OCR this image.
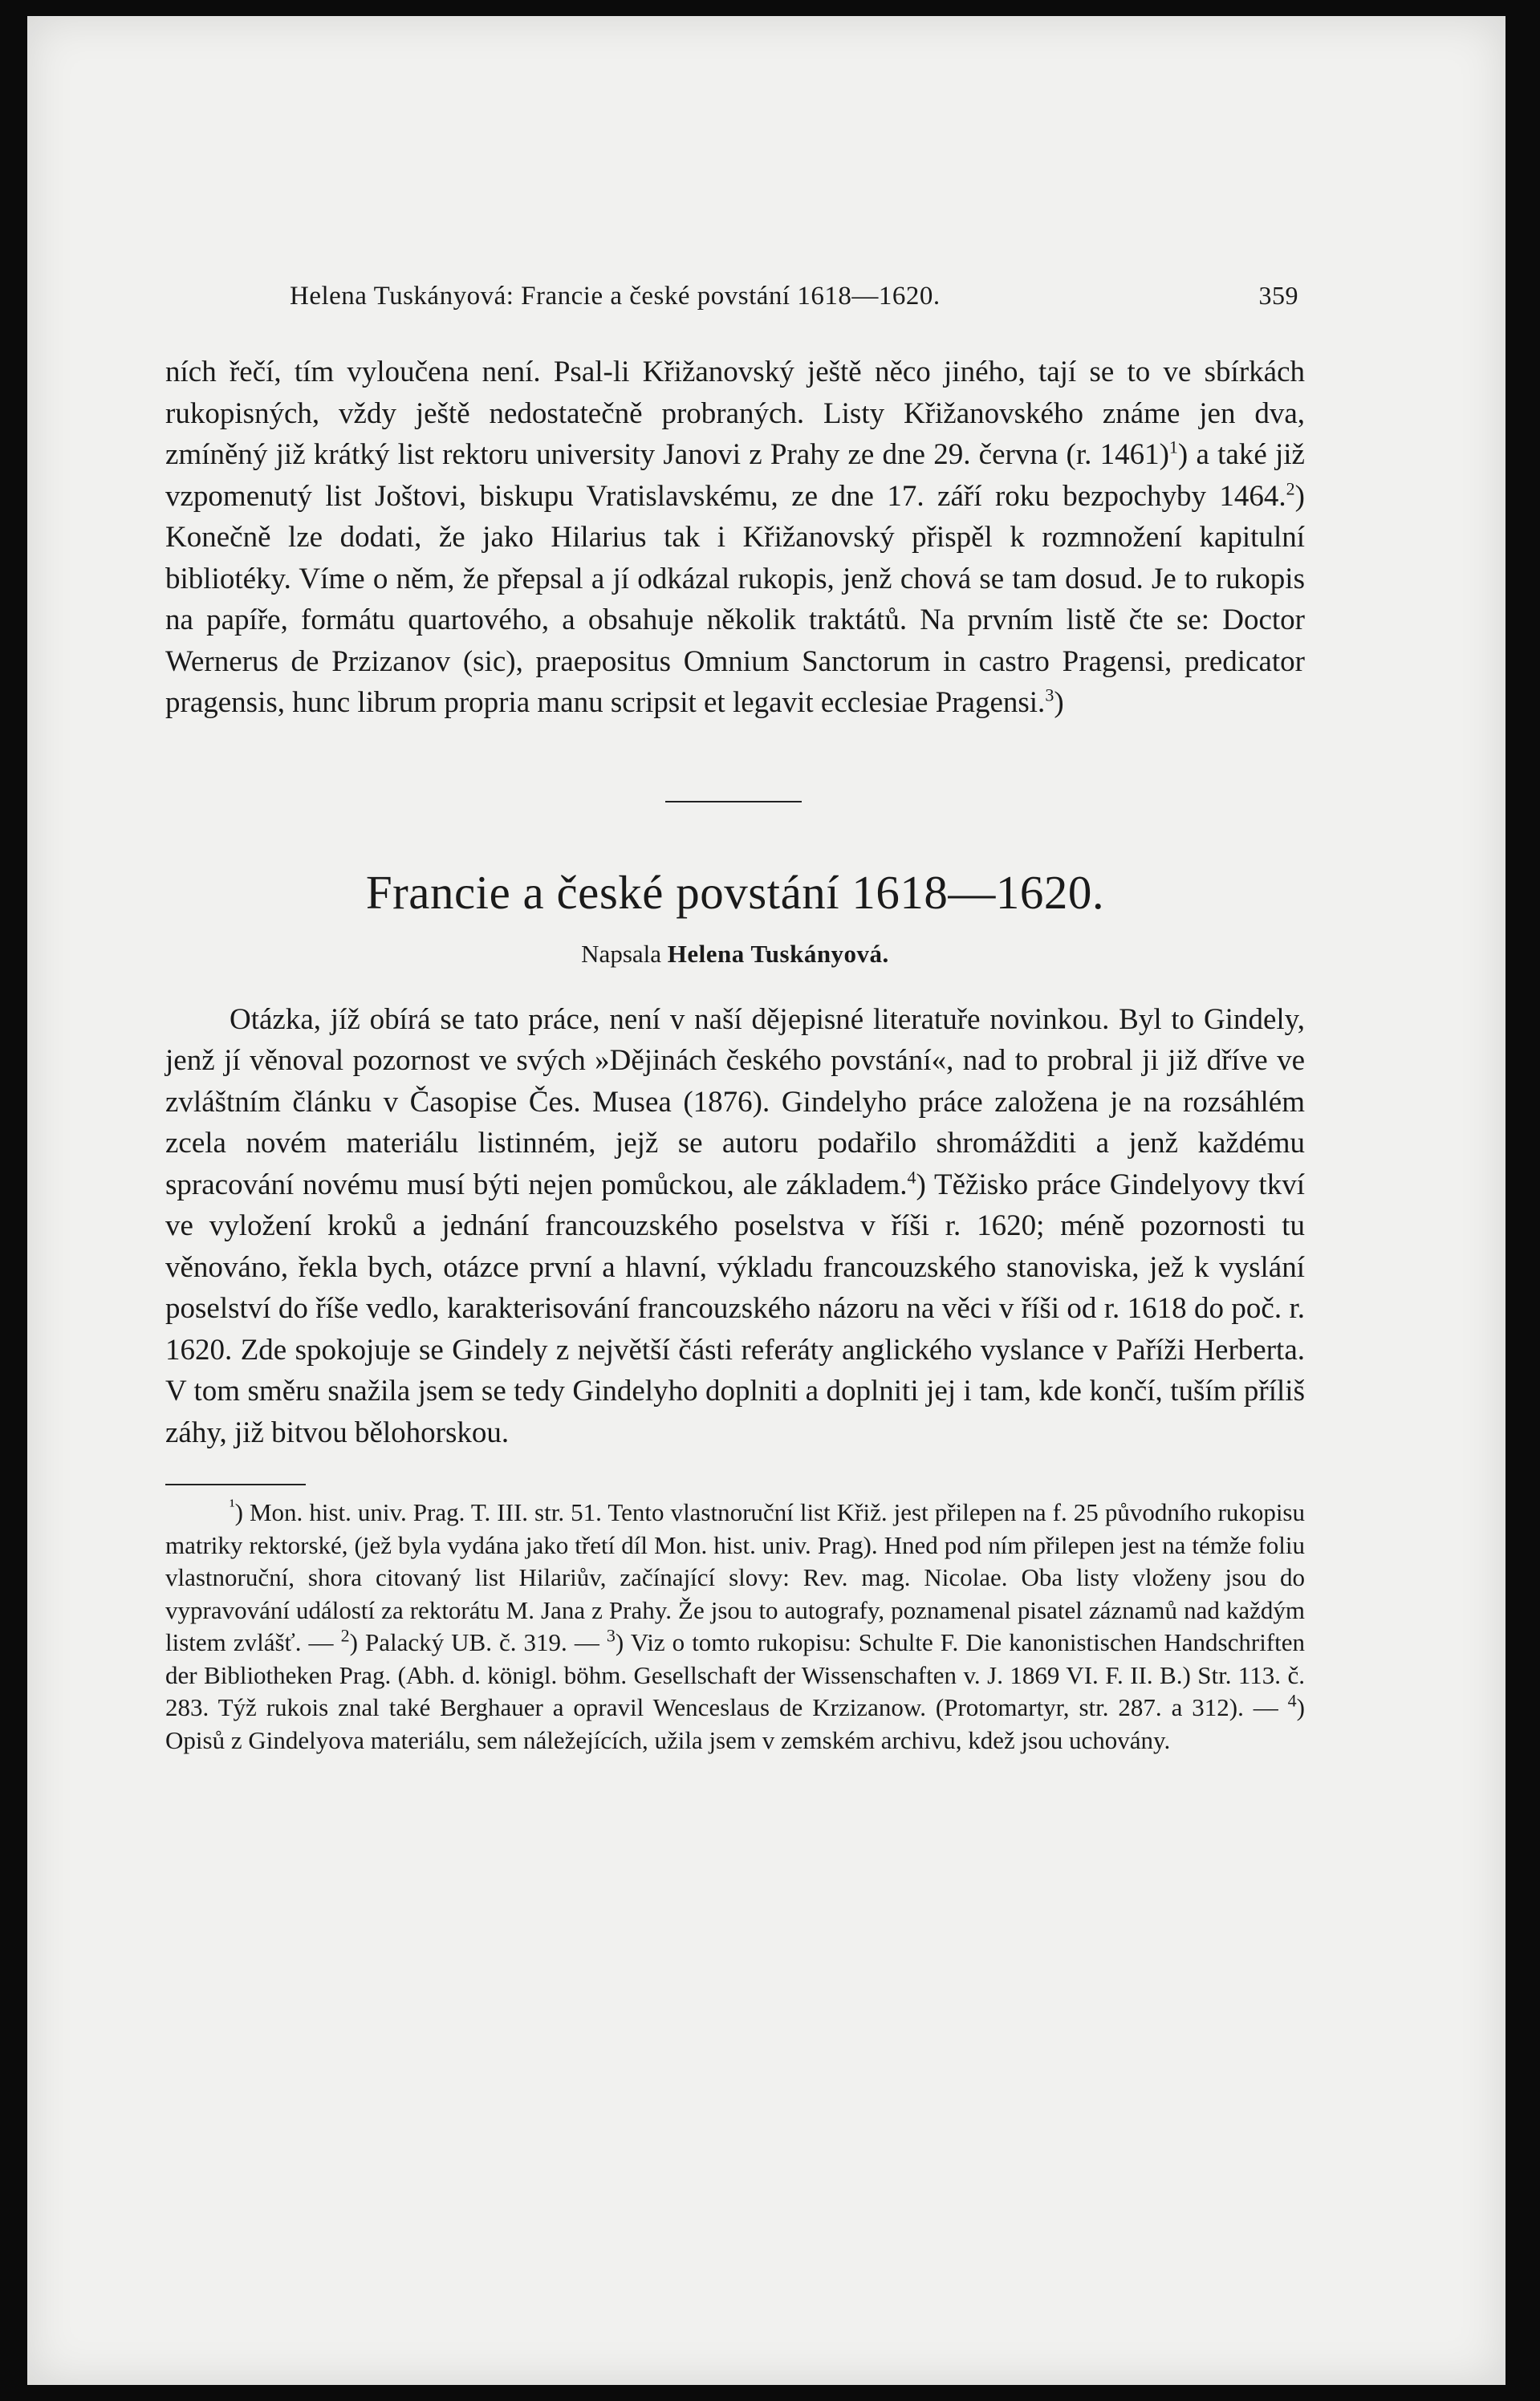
Helena Tuskányová: Francie a české povstání 1618—1620.	359

ních řečí, tím vyloučena není. Psal-li Křižanovský ještě něco jiného, tají se to ve sbírkách rukopisných, vždy ještě nedostatečně probraných. Listy Křižanovského známe jen dva, zmíněný již krátký list rektoru university Janovi z Prahy ze dne 29. června (r. 1461)$^1$) a také již vzpomenutý list Joštovi, biskupu Vratislavskému, ze dne 17. září roku bezpochyby 1464.$^2$) Konečně lze dodati, že jako Hilarius tak i Křižanovský přispěl k rozmnožení kapitulní bibliotéky. Víme o něm, že přepsal a jí odkázal rukopis, jenž chová se tam dosud. Je to rukopis na papíře, formátu quartového, a obsahuje několik traktátů. Na prvním listě čte se: Doctor Wernerus de Przizanov (sic), praepositus Omnium Sanctorum in castro Pragensi, predicator pragensis, hunc librum propria manu scripsit et legavit ecclesiae Pragensi.$^3$)

Francie a české povstání 1618—1620.
Napsala Helena Tuskányová.

Otázka, jíž obírá se tato práce, není v naší dějepisné literatuře novinkou. Byl to Gindely, jenž jí věnoval pozornost ve svých »Dějinách českého povstání«, nad to probral ji již dříve ve zvláštním článku v Časopise Čes. Musea (1876). Gindelyho práce založena je na rozsáhlém zcela novém materiálu listinném, jejž se autoru podařilo shromážditi a jenž každému spracování novému musí býti nejen pomůckou, ale základem.$^4$) Těžisko práce Gindelyovy tkví ve vyložení kroků a jednání francouzského poselstva v říši r. 1620; méně pozornosti tu věnováno, řekla bych, otázce první a hlavní, výkladu francouzského stanoviska, jež k vyslání poselství do říše vedlo, karakterisování francouzského názoru na věci v říši od r. 1618 do poč. r. 1620. Zde spokojuje se Gindely z největší části referáty anglického vyslance v Paříži Herberta. V tom směru snažila jsem se tedy Gindelyho doplniti a doplniti jej i tam, kde končí, tuším příliš záhy, již bitvou bělohorskou.

$^{^1}$) Mon. hist. univ. Prag. T. III. str. 51. Tento vlastnoruční list Křiž. jest přilepen na f. 25 původního rukopisu matriky rektorské, (jež byla vydána jako třetí díl Mon. hist. univ. Prag). Hned pod ním přilepen jest na témže foliu vlastnoruční, shora citovaný list Hilariův, začínající slovy: Rev. mag. Nicolae. Oba listy vloženy jsou do vypravování událostí za rektorátu M. Jana z Prahy. Že jsou to autografy, poznamenal pisatel záznamů nad každým listem zvlášť. — $^2$) Palacký UB. č. 319. — $^3$) Viz o tomto rukopisu: Schulte F. Die kanonistischen Handschriften der Bibliotheken Prag. (Abh. d. königl. böhm. Gesellschaft der Wissenschaften v. J. 1869 VI. F. II. B.) Str. 113. č. 283. Týž rukois znal také Berghauer a opravil Wenceslaus de Krzizanow. (Protomartyr, str. 287. a 312). — $^4$) Opisů z Gindelyova materiálu, sem náležejících, užila jsem v zemském archivu, kdež jsou uchovány.
